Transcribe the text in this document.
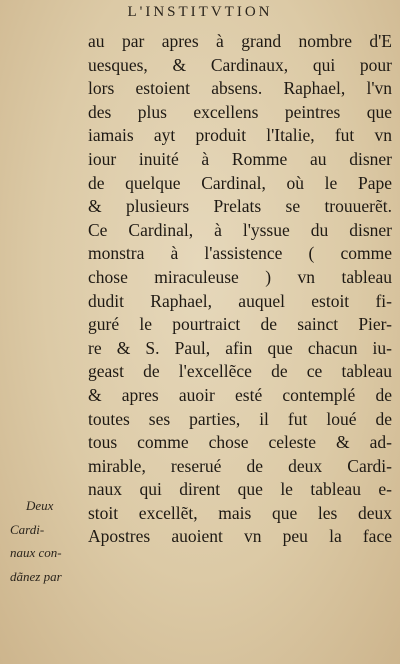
L'INSTITVTION
au par apres à grand nombre d'E
uesques, & Cardinaux, qui pour
lors estoient absens. Raphael, l'vn
des plus excellens peintres que
iamais ayt produit l'Italie, fut vn
iour inuité à Romme au disner
de quelque Cardinal, où le Pape
& plusieurs Prelats se trouuerẽt.
Ce Cardinal, à l'yssue du disner
monstra à l'assistence ( comme
chose miraculeuse ) vn tableau
dudit Raphael, auquel estoit fi-
guré le pourtraict de sainct Pier-
re & S. Paul, afin que chacun iu-
geast de l'excellẽce de ce tableau
& apres auoir esté contemplé de
toutes ses parties, il fut loué de
tous comme chose celeste & ad-
mirable, reserué de deux Cardi-
naux qui dirent que le tableau e-
stoit excellẽt, mais que les deux
Apostres auoient vn peu la face
Deux
Cardi-
naux con-
dãnez par
